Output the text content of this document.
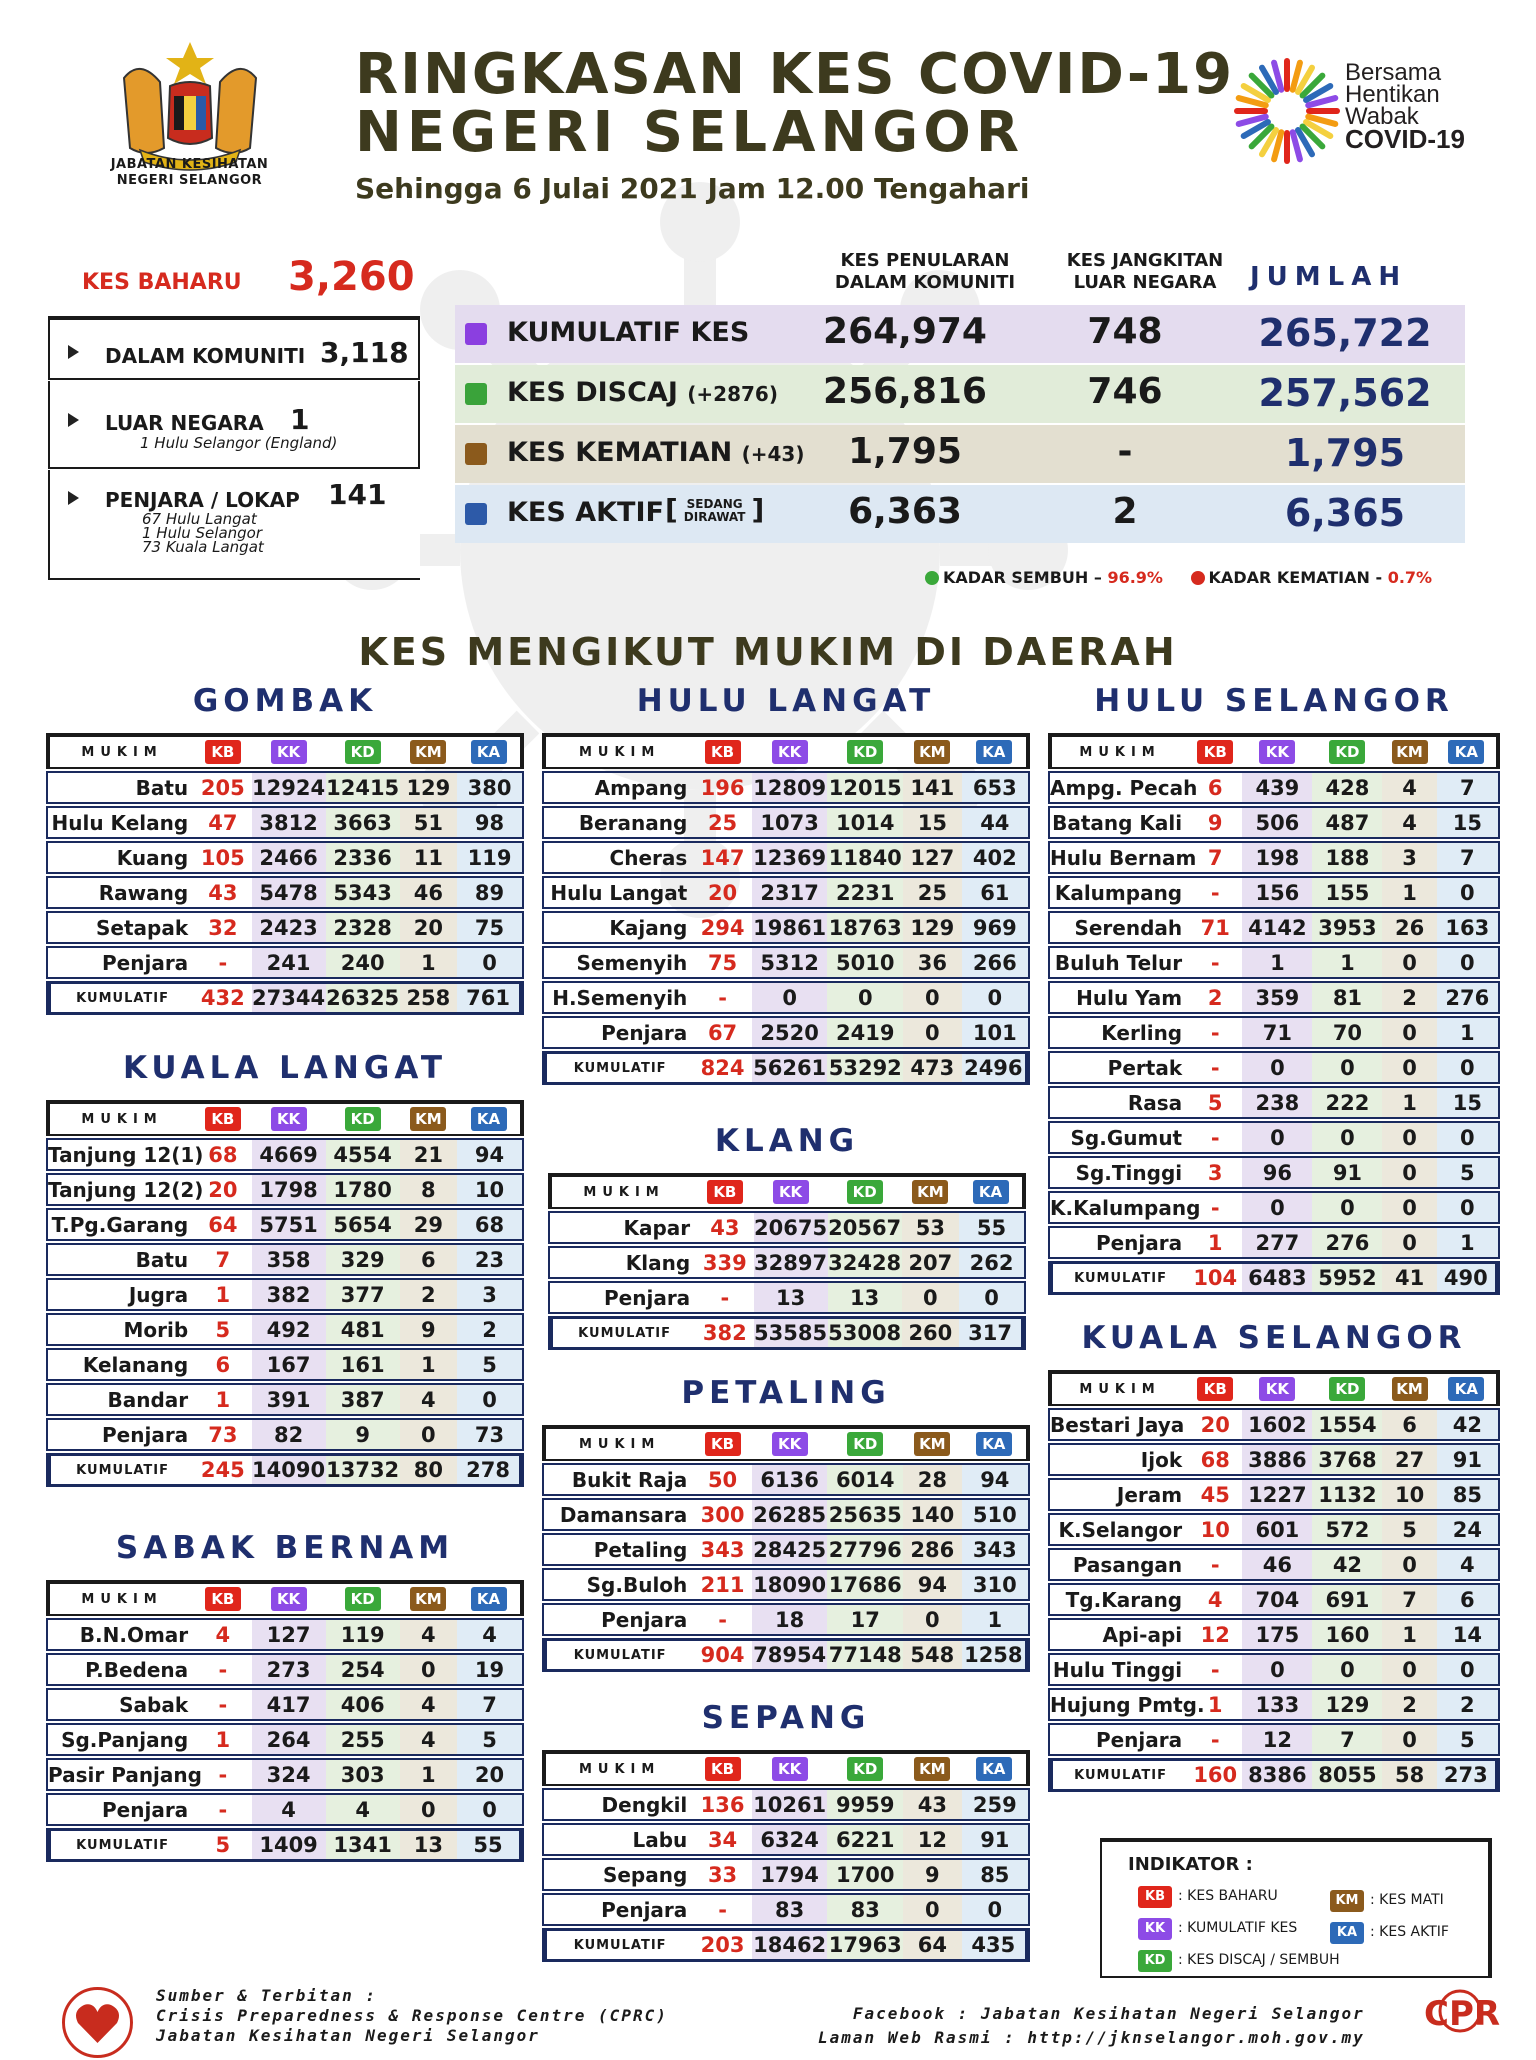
JABATAN KESIHATAN
NEGERI SELANGOR
RINGKASAN KES COVID-19
NEGERI SELANGOR
Sehingga 6 Julai 2021 Jam 12.00 Tengahari
Bersama
Hentikan
Wabak
COVID-19
KES BAHARU 3,260
DALAM KOMUNITI 3,118
LUAR NEGARA 1
1 Hulu Selangor (England)
PENJARA / LOKAP 141
67 Hulu Langat
1 Hulu Selangor
73 Kuala Langat
KES PENULARAN
DALAM KOMUNITI
KES JANGKITAN
LUAR NEGARA	JUMLAH
KUMULATIF KES	264,974	748	265,722
KES DISCAJ (+2876)	256,816	746	257,562
KES KEMATIAN (+43)	1,795	-	1,795
KES AKTIF	6,363	2	6,365
[ SEDANG
DIRAWAT ]
KADAR SEMBUH – 96.9%	KADAR KEMATIAN - 0.7%
KES MENGIKUT MUKIM DI DAERAH
GOMBAK
MUKIM	KB	KK	KD	KM	KA
Batu	205	12924	12415	129	380
Hulu Kelang	47	3812	3663	51	98
Kuang	105	2466	2336	11	119
Rawang	43	5478	5343	46	89
Setapak	32	2423	2328	20	75
Penjara	-	241	240	1	0
KUMULATIF	432	27344	26325	258	761
KUALA LANGAT
MUKIM	KB	KK	KD	KM	KA
Tanjung 12(1)	68	4669	4554	21	94
Tanjung 12(2)	20	1798	1780	8	10
T.Pg.Garang	64	5751	5654	29	68
Batu	7	358	329	6	23
Jugra	1	382	377	2	3
Morib	5	492	481	9	2
Kelanang	6	167	161	1	5
Bandar	1	391	387	4	0
Penjara	73	82	9	0	73
KUMULATIF	245	14090	13732	80	278
SABAK BERNAM
MUKIM	KB	KK	KD	KM	KA
B.N.Omar	4	127	119	4	4
P.Bedena	-	273	254	0	19
Sabak	-	417	406	4	7
Sg.Panjang	1	264	255	4	5
Pasir Panjang	-	324	303	1	20
Penjara	-	4	4	0	0
KUMULATIF	5	1409	1341	13	55
HULU LANGAT
MUKIM	KB	KK	KD	KM	KA
Ampang	196	12809	12015	141	653
Beranang	25	1073	1014	15	44
Cheras	147	12369	11840	127	402
Hulu Langat	20	2317	2231	25	61
Kajang	294	19861	18763	129	969
Semenyih	75	5312	5010	36	266
H.Semenyih	-	0	0	0	0
Penjara	67	2520	2419	0	101
KUMULATIF	824	56261	53292	473	2496
KLANG
MUKIM	KB	KK	KD	KM	KA
Kapar	43	20675	20567	53	55
Klang	339	32897	32428	207	262
Penjara	-	13	13	0	0
KUMULATIF	382	53585	53008	260	317
PETALING
MUKIM	KB	KK	KD	KM	KA
Bukit Raja	50	6136	6014	28	94
Damansara	300	26285	25635	140	510
Petaling	343	28425	27796	286	343
Sg.Buloh	211	18090	17686	94	310
Penjara	-	18	17	0	1
KUMULATIF	904	78954	77148	548	1258
SEPANG
MUKIM	KB	KK	KD	KM	KA
Dengkil	136	10261	9959	43	259
Labu	34	6324	6221	12	91
Sepang	33	1794	1700	9	85
Penjara	-	83	83	0	0
KUMULATIF	203	18462	17963	64	435
HULU SELANGOR
MUKIM	KB	KK	KD	KM	KA
Ampg. Pecah	6	439	428	4	7
Batang Kali	9	506	487	4	15
Hulu Bernam	7	198	188	3	7
Kalumpang	-	156	155	1	0
Serendah	71	4142	3953	26	163
Buluh Telur	-	1	1	0	0
Hulu Yam	2	359	81	2	276
Kerling	-	71	70	0	1
Pertak	-	0	0	0	0
Rasa	5	238	222	1	15
Sg.Gumut	-	0	0	0	0
Sg.Tinggi	3	96	91	0	5
K.Kalumpang	-	0	0	0	0
Penjara	1	277	276	0	1
KUMULATIF	104	6483	5952	41	490
KUALA SELANGOR
MUKIM	KB	KK	KD	KM	KA
Bestari Jaya	20	1602	1554	6	42
Ijok	68	3886	3768	27	91
Jeram	45	1227	1132	10	85
K.Selangor	10	601	572	5	24
Pasangan	-	46	42	0	4
Tg.Karang	4	704	691	7	6
Api-api	12	175	160	1	14
Hulu Tinggi	-	0	0	0	0
Hujung Pmtg.	1	133	129	2	2
Penjara	-	12	7	0	5
KUMULATIF	160	8386	8055	58	273
INDIKATOR :
KB : KES BAHARU
KK : KUMULATIF KES
KD : KES DISCAJ / SEMBUH
KM : KES MATI
KA : KES AKTIF
Sumber & Terbitan :
Crisis Preparedness & Response Centre (CPRC)
Jabatan Kesihatan Negeri Selangor
Facebook : Jabatan Kesihatan Negeri Selangor
Laman Web Rasmi : http://jknselangor.moh.gov.my
CPR
